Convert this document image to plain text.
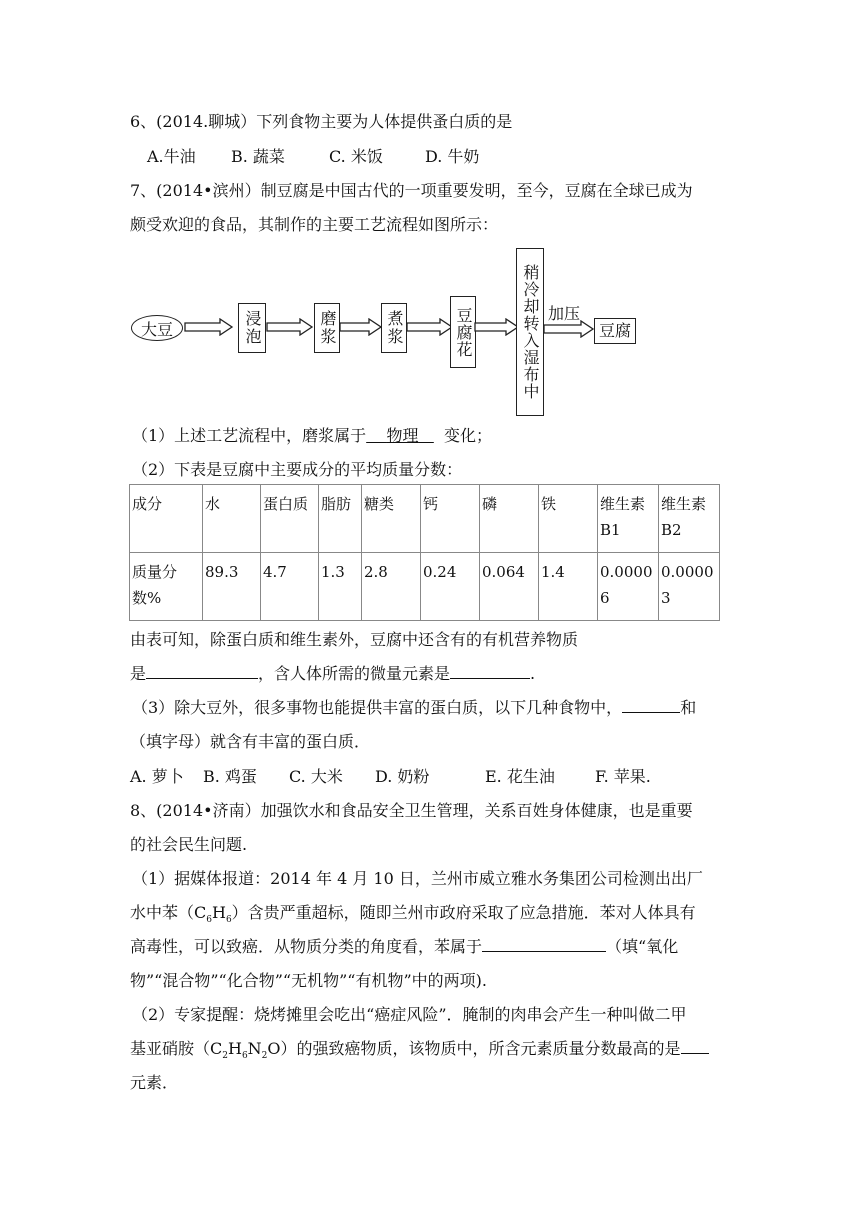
6、(2014.聊城）下列食物主要为人体提供蚤白质的是
A.牛油 B. 蔬菜	C. 米饭	D. 牛奶
7、(2014•滨州）制豆腐是中国古代的一项重要发明，至今，豆腐在全球已成为
颇受欢迎的食品，其制作的主要工艺流程如图所示：
大豆	浸泡	磨浆	煮浆	豆腐花	稍冷却转入湿布中 加压
豆腐
（1）上述工艺流程中，磨浆属于 物理 变化；
（2）下表是豆腐中主要成分的平均质量分数：
成分	水	蛋白质	脂肪	糖类	钙	磷	铁	维生素B1	维生素B2
质量分数%	89.3	4.7	1.3	2.8	0.24	0.064	1.4	0.00006	0.00003
由表可知，除蛋白质和维生素外，豆腐中还含有的有机营养物质
是	，含人体所需的微量元素是	.
（3）除大豆外，很多事物也能提供丰富的蛋白质，以下几种食物中，	和
（填字母）就含有丰富的蛋白质．
A. 萝卜 B. 鸡蛋 C. 大米 D. 奶粉	E. 花生油	F. 苹果.
8、(2014•济南）加强饮水和食品安全卫生管理，关系百姓身体健康，也是重要
的社会民生问题.
（1）据媒体报道：2014 年 4 月 10 日，兰州市威立雅水务集团公司检测出出厂
水中苯$(C_6H_6)$含贵严重超标，随即兰州市政府采取了应急措施．苯对人体具有
高毒性，可以致癌．从物质分类的角度看，苯属于	（填“氧化
物”“混合物”“化合物”“无机物”“有机物”中的两项).
（2）专家提醒：烧烤摊里会吃出“癌症风险”．腌制的肉串会产生一种叫做二甲
基亚硝胺$(C_2H_6N_2O)$的强致癌物质，该物质中，所含元素质量分数最高的是
元素．
